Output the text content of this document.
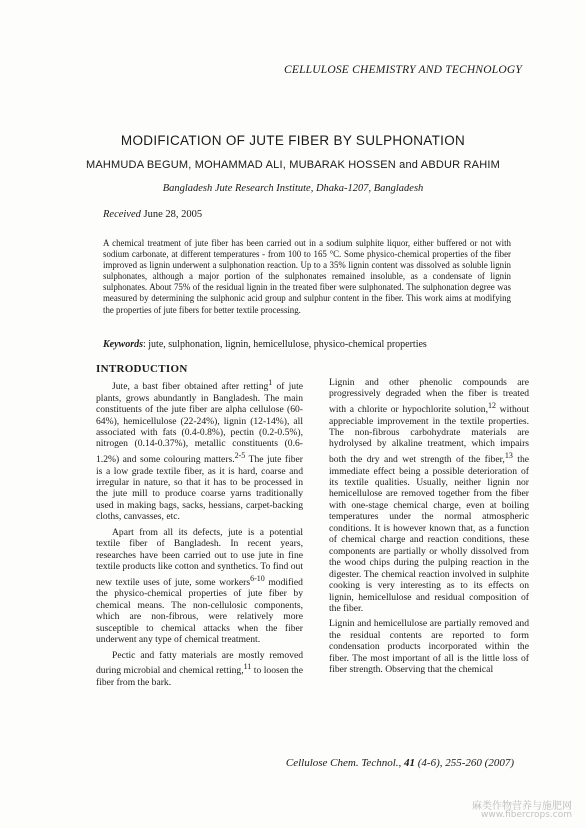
CELLULOSE CHEMISTRY AND TECHNOLOGY
MODIFICATION OF JUTE FIBER BY SULPHONATION
MAHMUDA BEGUM, MOHAMMAD ALI, MUBARAK HOSSEN and ABDUR RAHIM
Bangladesh Jute Research Institute, Dhaka-1207, Bangladesh
Received June 28, 2005
A chemical treatment of jute fiber has been carried out in a sodium sulphite liquor, either buffered or not with sodium carbonate, at different temperatures - from 100 to 165 °C. Some physico-chemical properties of the fiber improved as lignin underwent a sulphonation reaction. Up to a 35% lignin content was dissolved as soluble lignin sulphonates, although a major portion of the sulphonates remained insoluble, as a condensate of lignin sulphonates. About 75% of the residual lignin in the treated fiber were sulphonated. The sulphonation degree was measured by determining the sulphonic acid group and sulphur content in the fiber. This work aims at modifying the properties of jute fibers for better textile processing.
Keywords: jute, sulphonation, lignin, hemicellulose, physico-chemical properties
INTRODUCTION

Jute, a bast fiber obtained after retting$^1$ of jute plants, grows abundantly in Bangladesh. The main constituents of the jute fiber are alpha cellulose (60-64%), hemicellulose (22-24%), lignin (12-14%), all associated with fats (0.4-0.8%), pectin (0.2-0.5%), nitrogen (0.14-0.37%), metallic constituents (0.6-1.2%) and some colouring matters.$^{2-5}$ The jute fiber is a low grade textile fiber, as it is hard, coarse and irregular in nature, so that it has to be processed in the jute mill to produce coarse yarns traditionally used in making bags, sacks, hessians, carpet-backing cloths, canvasses, etc.

Apart from all its defects, jute is a potential textile fiber of Bangladesh. In recent years, researches have been carried out to use jute in fine textile products like cotton and synthetics. To find out new textile uses of jute, some workers$^{6-10}$ modified the physico-chemical properties of jute fiber by chemical means. The non-cellulosic components, which are non-fibrous, were relatively more susceptible to chemical attacks when the fiber underwent any type of chemical treatment.

Pectic and fatty materials are mostly removed during microbial and chemical retting,$^{11}$ to loosen the fiber from the bark.

Lignin and other phenolic compounds are progressively degraded when the fiber is treated with a chlorite or hypochlorite solution,$^{12}$ without appreciable improvement in the textile properties. The non-fibrous carbohydrate materials are hydrolysed by alkaline treatment, which impairs both the dry and wet strength of the fiber,$^{13}$ the immediate effect being a possible deterioration of its textile qualities. Usually, neither lignin nor hemicellulose are removed together from the fiber with one-stage chemical charge, even at boiling temperatures under the normal atmospheric conditions. It is however known that, as a function of chemical charge and reaction conditions, these components are partially or wholly dissolved from the wood chips during the pulping reaction in the digester. The chemical reaction involved in sulphite cooking is very interesting as to its effects on lignin, hemicellulose and residual composition of the fiber.

Lignin and hemicellulose are partially removed and the residual contents are reported to form condensation products incorporated within the fiber. The most important of all is the little loss of fiber strength. Observing that the chemical

Cellulose Chem. Technol., 41 (4-6), 255-260 (2007)
麻类作物营养与施肥网
www.fibercrops.com
